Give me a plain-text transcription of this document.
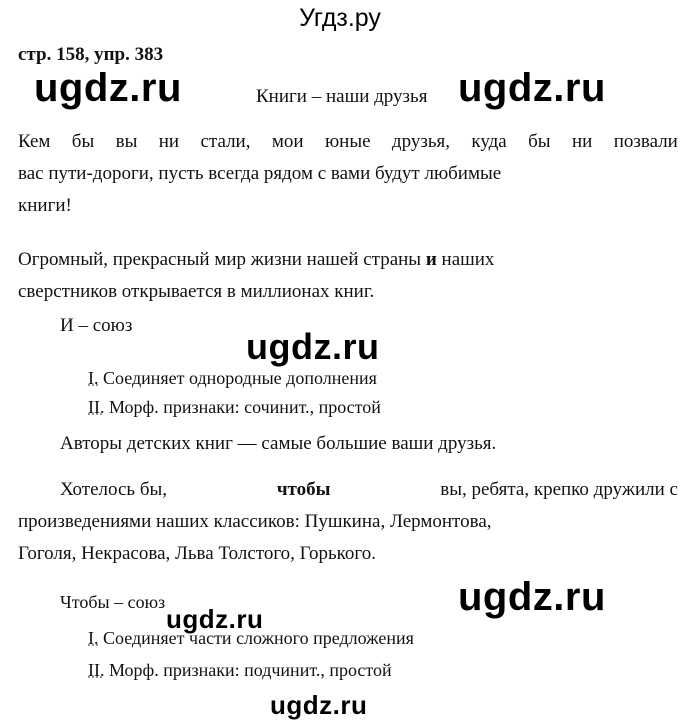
Угдз.ру
стр. 158, упр. 383
ugdz.ru	Книги – наши друзья ugdz.ru
Кем бы вы ни стали, мои юные друзья, куда бы ни позвали
вас пути-дороги, пусть всегда рядом с вами будут любимые
книги!
Огромный, прекрасный мир жизни нашей страны и наших
сверстников открывается в миллионах книг.
И – союз
ugdz.ru
I. Соединяет однородные дополнения
II. Морф. признаки: сочинит., простой
Авторы детских книг — самые большие ваши друзья.
Хотелось бы,	чтобы	вы, ребята, крепко дружили с
произведениями наших классиков: Пушкина, Лермонтова,
Гоголя, Некрасова, Льва Толстого, Горького.
Чтобы – союз	ugdz.ru
ugdz.ru
I. Соединяет части сложного предложения
II. Морф. признаки: подчинит., простой
ugdz.ru
